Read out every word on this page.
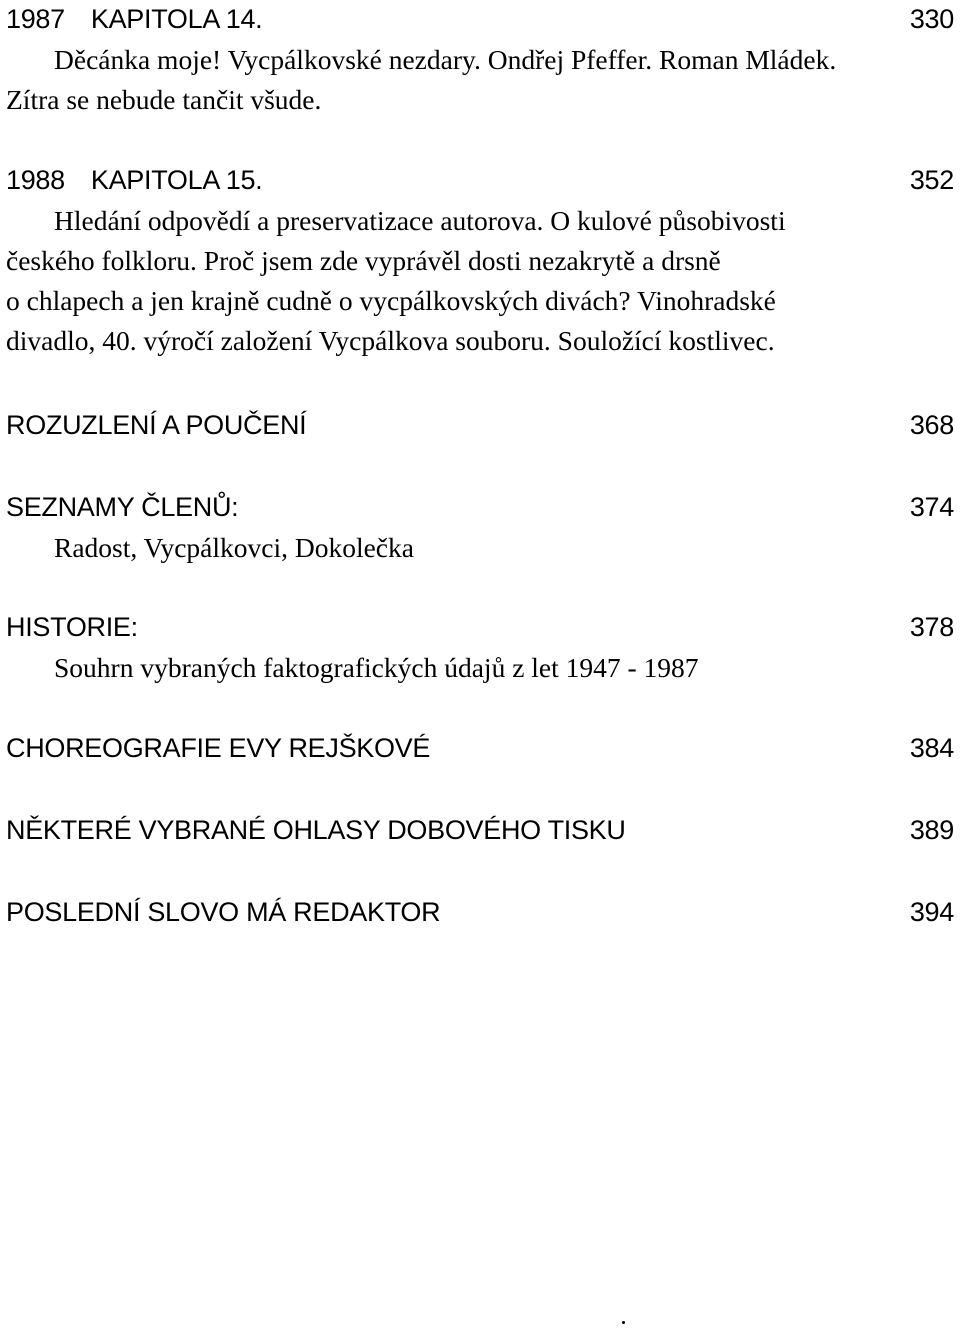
1987 KAPITOLA 14.	330
Děcánka moje! Vycpálkovské nezdary. Ondřej Pfeffer. Roman Mládek.
Zítra se nebude tančit všude.
1988 KAPITOLA 15.	352
Hledání odpovědí a preservatizace autorova. O kulové působivosti
českého folkloru. Proč jsem zde vyprávěl dosti nezakrytě a drsně
o chlapech a jen krajně cudně o vycpálkovských divách? Vinohradské
divadlo, 40. výročí založení Vycpálkova souboru. Souložící kostlivec.
ROZUZLENÍ A POUČENÍ	368
SEZNAMY ČLENŮ:	374
Radost, Vycpálkovci, Dokolečka
HISTORIE:	378
Souhrn vybraných faktografických údajů z let 1947 - 1987
CHOREOGRAFIE EVY REJŠKOVÉ	384
NĚKTERÉ VYBRANÉ OHLASY DOBOVÉHO TISKU	389
POSLEDNÍ SLOVO MÁ REDAKTOR	394
